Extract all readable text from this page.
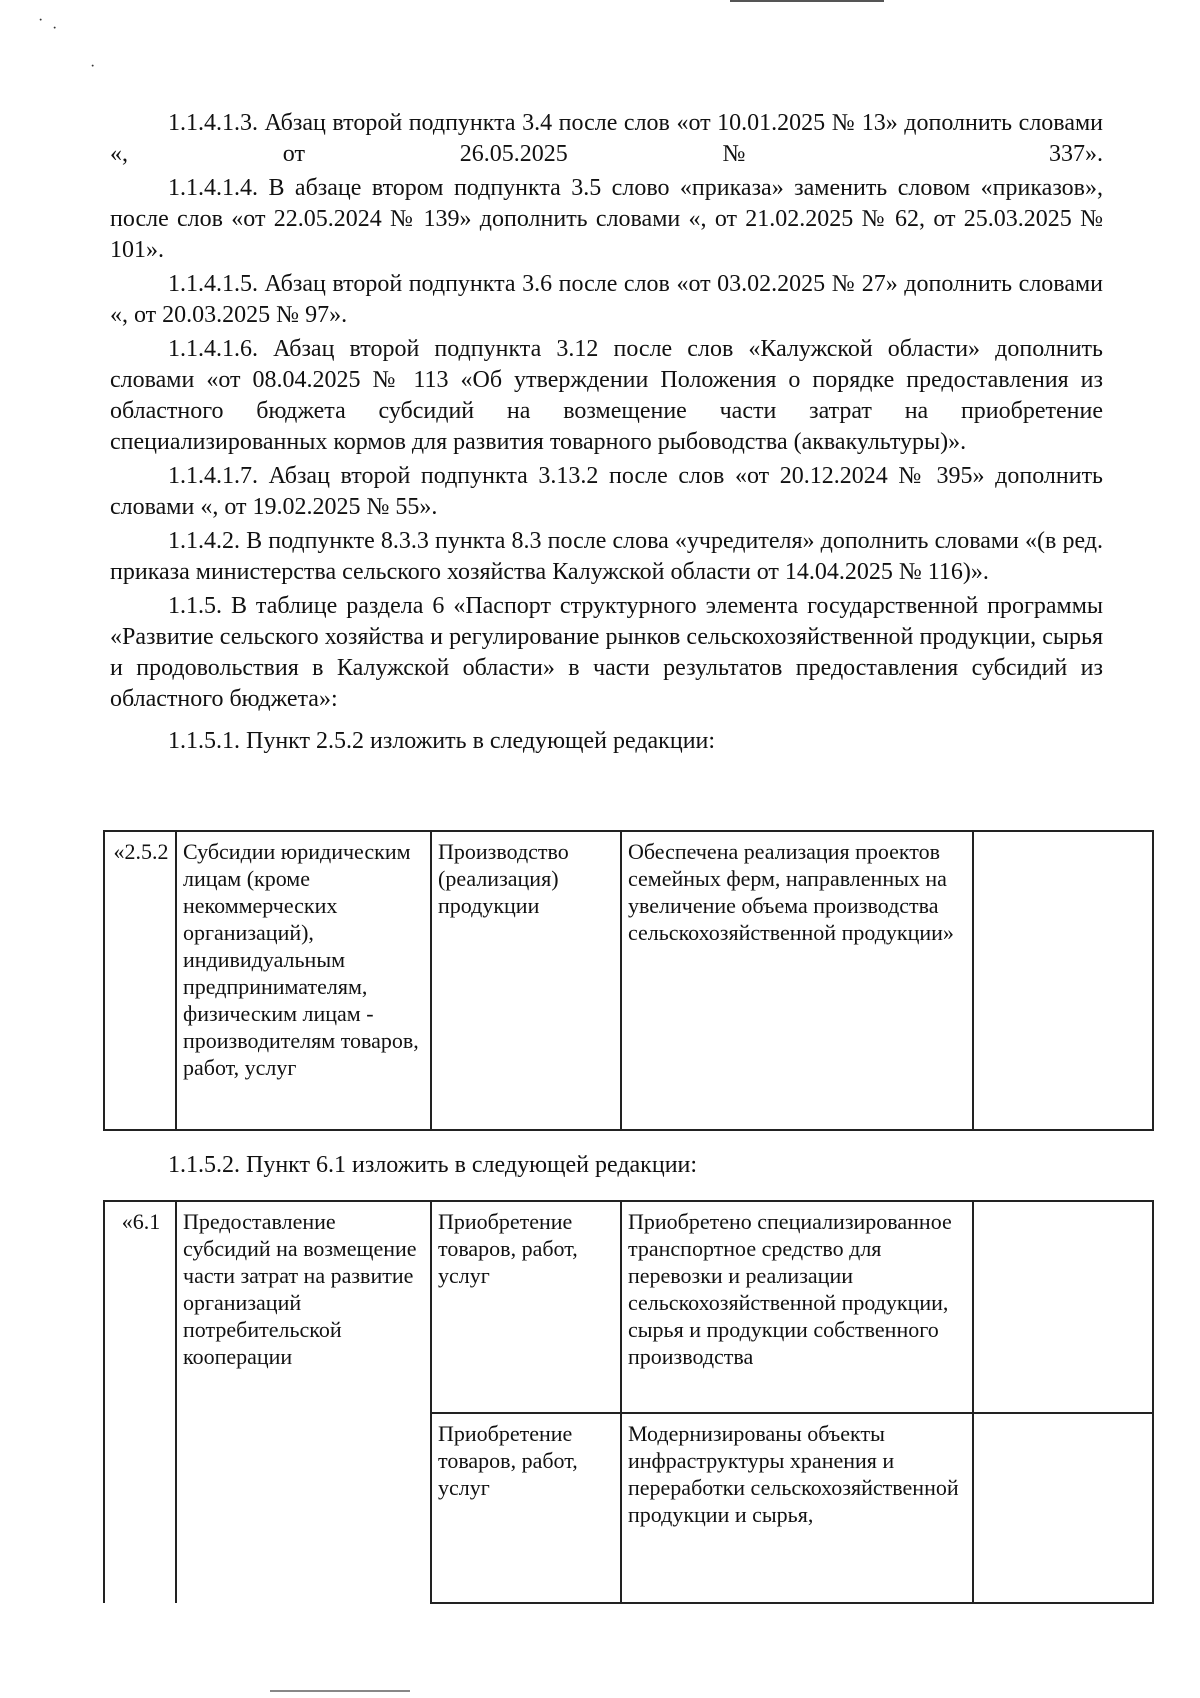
· ·
·

1.1.4.1.3. Абзац второй подпункта 3.4 после слов «от 10.01.2025 № 13» дополнить словами «, от 26.05.2025 № 337».

1.1.4.1.4. В абзаце втором подпункта 3.5 слово «приказа» заменить словом «приказов», после слов «от 22.05.2024 № 139» дополнить словами «, от 21.02.2025 № 62, от 25.03.2025 № 101».

1.1.4.1.5. Абзац второй подпункта 3.6 после слов «от 03.02.2025 № 27» дополнить словами «, от 20.03.2025 № 97».

1.1.4.1.6. Абзац второй подпункта 3.12 после слов «Калужской области» дополнить словами «от 08.04.2025 № 113 «Об утверждении Положения о порядке предоставления из областного бюджета субсидий на возмещение части затрат на приобретение специализированных кормов для развития товарного рыбоводства (аквакультуры)».

1.1.4.1.7. Абзац второй подпункта 3.13.2 после слов «от 20.12.2024 № 395» дополнить словами «, от 19.02.2025 № 55».

1.1.4.2. В подпункте 8.3.3 пункта 8.3 после слова «учредителя» дополнить словами «(в ред. приказа министерства сельского хозяйства Калужской области от 14.04.2025 № 116)».

1.1.5. В таблице раздела 6 «Паспорт структурного элемента государственной программы «Развитие сельского хозяйства и регулирование рынков сельскохозяйственной продукции, сырья и продовольствия в Калужской области» в части результатов предоставления субсидий из областного бюджета»:

1.1.5.1. Пункт 2.5.2 изложить в следующей редакции:

«2.5.2	Субсидии юридическим лицам (кроме некоммерческих организаций), индивидуальным предпринимателям, физическим лицам - производителям товаров, работ, услуг	Производство (реализация) продукции	Обеспечена реализация проектов семейных ферм, направленных на увеличение объема производства сельскохозяйственной продукции»	

1.1.5.2. Пункт 6.1 изложить в следующей редакции:

«6.1	Предоставление субсидий на возмещение части затрат на развитие организаций потребительской кооперации	Приобретение товаров, работ, услуг	Приобретено специализированное транспортное средство для перевозки и реализации сельскохозяйственной продукции, сырья и продукции собственного производства	
		Приобретение товаров, работ, услуг	Модернизированы объекты инфраструктуры хранения и переработки сельскохозяйственной продукции и сырья,	
